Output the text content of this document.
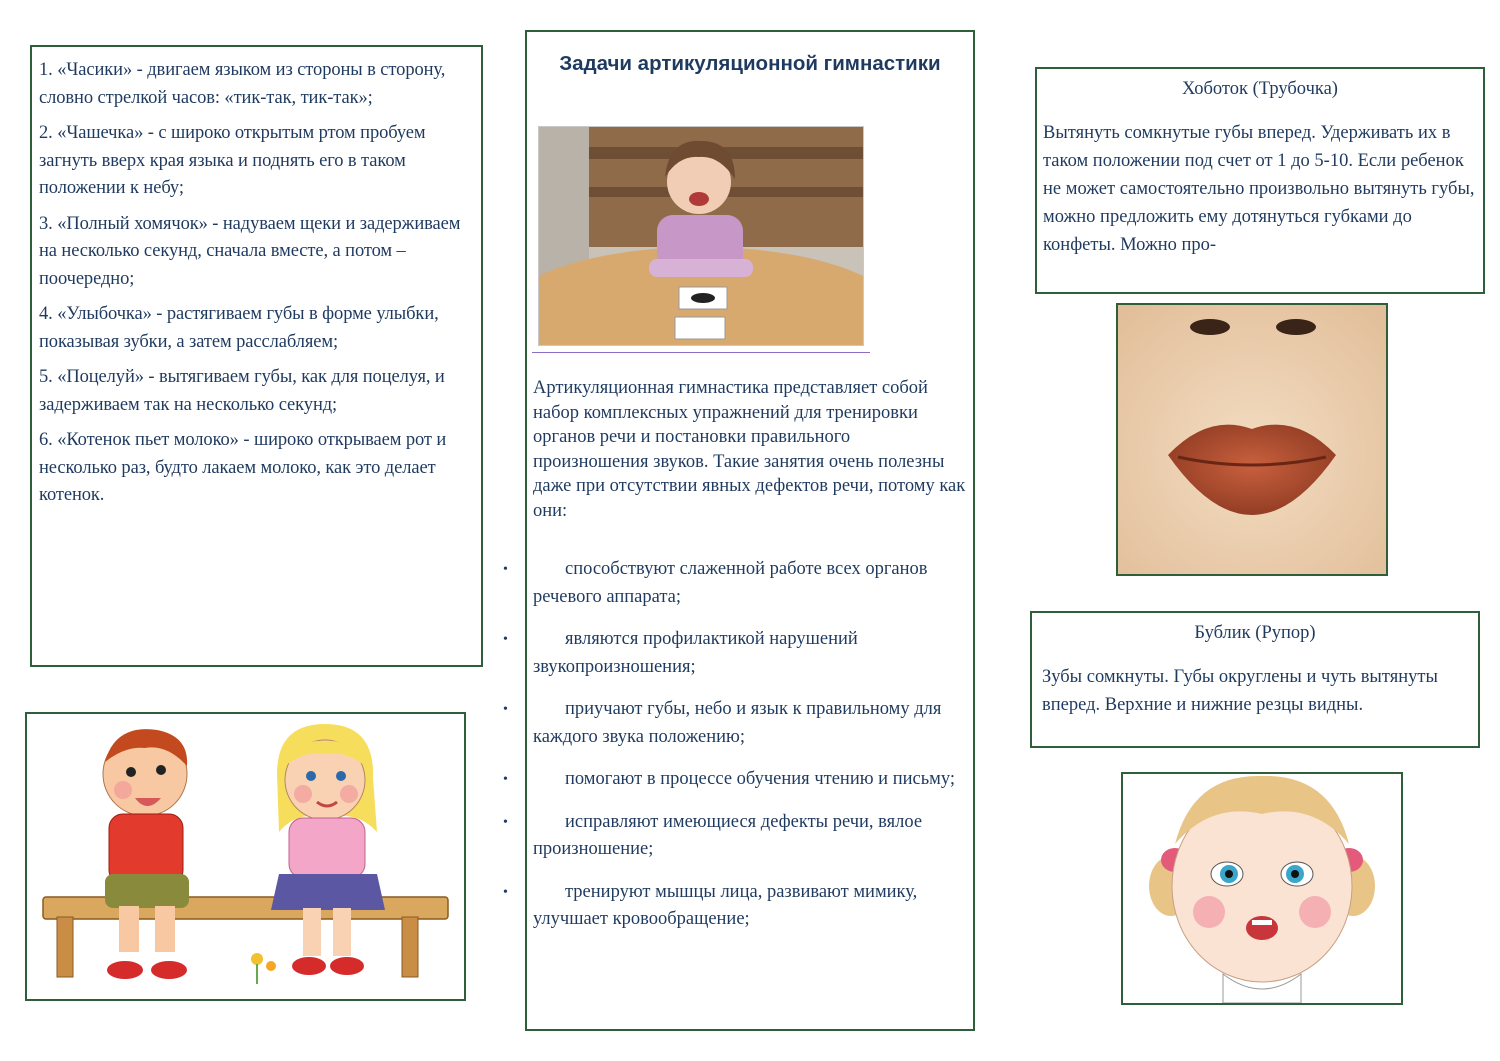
1. «Часики» - двигаем языком из стороны в сторону, словно стрелкой часов: «тик-так, тик-так»;

2. «Чашечка» - с широко открытым ртом пробуем загнуть вверх края языка и поднять его в таком положении к небу;

3. «Полный хомячок» - надуваем щеки и задерживаем на несколько секунд, сначала вместе, а потом – поочередно;

4. «Улыбочка» - растягиваем губы в форме улыбки, показывая зубки, а затем расслабляем;

5. «Поцелуй» - вытягиваем губы, как для поцелуя, и задерживаем так на несколько секунд;

6. «Котенок пьет молоко» - широко открываем рот и несколько раз, будто лакаем молоко, как это делает котенок.

Задачи артикуляционной гимнастики

Артикуляционная гимнастика представляет собой набор комплексных упражнений для тренировки органов речи и постановки правильного произношения звуков. Такие занятия очень полезны даже при отсутствии явных дефектов речи, потому как они:

•	способствуют слаженной работе всех органов речевого аппарата;
•	являются профилактикой нарушений звукопроизношения;
•	приучают губы, небо и язык к правильному для каждого звука положению;
•	помогают в процессе обучения чтению и письму;
•	исправляют имеющиеся дефекты речи, вялое произношение;
•	тренируют мышцы лица, развивают мимику, улучшает кровообращение;
Хоботок (Трубочка)
Вытянуть сомкнутые губы вперед. Удерживать их в таком положении под счет от 1 до 5-10. Если ребенок не может самостоятельно произвольно вытянуть губы, можно предложить ему дотянуться губками до конфеты. Можно про-
Бублик (Рупор)
Зубы сомкнуты. Губы округлены и чуть вытянуты вперед. Верхние и нижние резцы видны.
